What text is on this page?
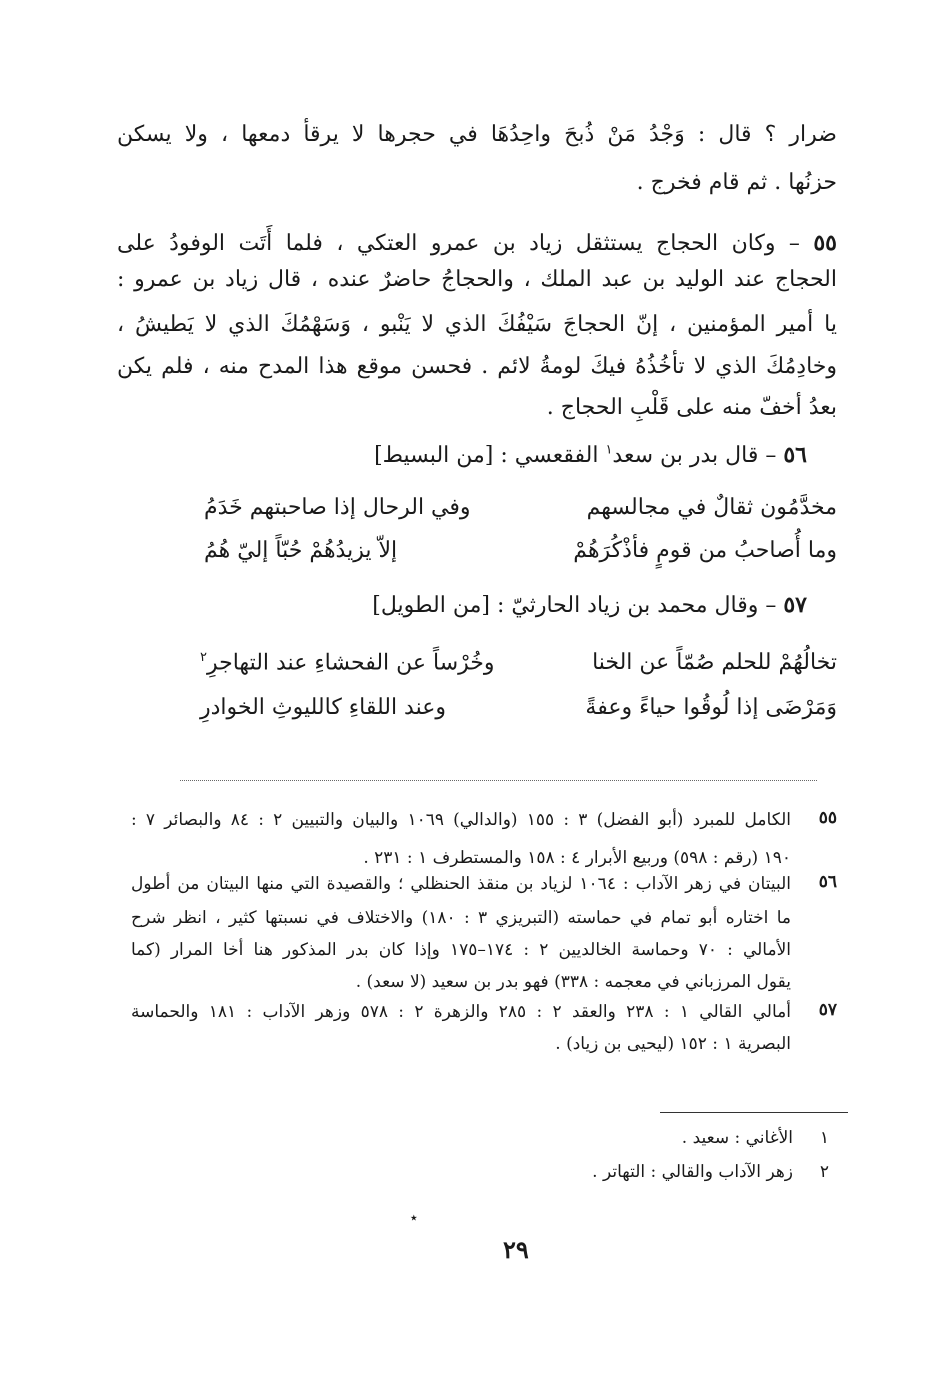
ضرار ؟ قال : وَجْدُ مَنْ ذُبحَ واحِدُهَا في حجرها لا يرقأ دمعها ، ولا يسكن
حزنُها . ثم قام فخرج .
٥٥ – وكان الحجاج يستثقل زياد بن عمرو العتكي ، فلما أَتَت الوفودُ على
الحجاج عند الوليد بن عبد الملك ، والحجاجُ حاضرٌ عنده ، قال زياد بن عمرو :
يا أمير المؤمنين ، إنّ الحجاجَ سَيْفُكَ الذي لا يَنْبو ، وَسَهْمُكَ الذي لا يَطيشُ ،
وخادِمُكَ الذي لا تأخُذُهُ فيكَ لومةُ لائم . فحسن موقع هذا المدح منه ، فلم يكن
بعدُ أخفّ منه على قَلْبِ الحجاج .
٥٦ – قال بدر بن سعد$^١$ الفقعسي : [من البسيط]
مخدَّمُون ثقالٌ في مجالسهم
وفي الرحال إذا صاحبتهم خَدَمُ
وما أُصاحبُ من قومٍ فأذْكُرَهُمْ
إلاّ يزيدُهُمْ حُبّاً إليّ هُمُ
٥٧ – وقال محمد بن زياد الحارثيّ : [من الطويل]
تخالُهُمْ للحلم صُمّاً عن الخنا
وخُرْساً عن الفحشاءِ عند التهاجرِ$^٢$
وَمَرْضَى إذا لُوقُوا حياءً وعفةً
وعند اللقاءِ كالليوثِ الخوادرِ
٥٥
الكامل للمبرد (أبو الفضل) ٣ : ١٥٥ (والدالي) ١٠٦٩ والبيان والتبيين ٢ : ٨٤ والبصائر ٧ :
١٩٠ (رقم : ٥٩٨) وربيع الأبرار ٤ : ١٥٨ والمستطرف ١ : ٢٣١ .
٥٦
البيتان في زهر الآداب : ١٠٦٤ لزياد بن منقذ الحنظلي ؛ والقصيدة التي منها البيتان من أطول
ما اختاره أبو تمام في حماسته (التبريزي ٣ : ١٨٠) والاختلاف في نسبتها كثير ، انظر شرح
الأمالي : ٧٠ وحماسة الخالديين ٢ : ١٧٤–١٧٥ وإذا كان بدر المذكور هنا أخا المرار (كما
يقول المرزباني في معجمه : ٣٣٨) فهو بدر بن سعيد (لا سعد) .
٥٧
أمالي القالي ١ : ٢٣٨ والعقد ٢ : ٢٨٥ والزهرة ٢ : ٥٧٨ وزهر الآداب : ١٨١ والحماسة
البصرية ١ : ١٥٢ (ليحيى بن زياد) .
١
الأغاني : سعيد .
٢
زهر الآداب والقالي : التهاتر .
٭
٢٩
